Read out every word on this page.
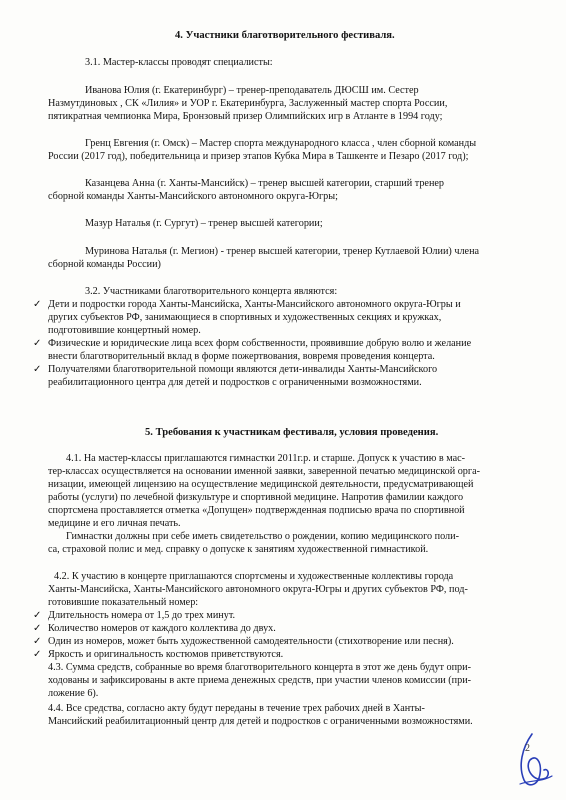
4. Участники благотворительного фестиваля.

3.1. Мастер-классы проводят специалисты:

Иванова Юлия (г. Екатеринбург) – тренер-преподаватель ДЮСШ им. Сестер

Назмутдиновых , СК «Лилия» и УОР г. Екатеринбурга, Заслуженный мастер спорта России,

пятикратная чемпионка Мира, Бронзовый призер Олимпийских игр в Атланте в 1994 году;

Гренц Евгения (г. Омск) – Мастер спорта международного класса , член сборной команды

России (2017 год), победительница и призер этапов Кубка Мира в Ташкенте и Пезаро (2017 год);

Казанцева Анна (г. Ханты-Мансийск) – тренер высшей категории, старший тренер

сборной команды Ханты-Мансийского автономного округа-Югры;

Мазур Наталья (г. Сургут) – тренер высшей категории;

Муринова Наталья (г. Мегион) - тренер высшей категории, тренер Кутлаевой Юлии) члена

сборной команды России)

3.2. Участниками благотворительного концерта являются:

✓ Дети и подростки города Ханты-Мансийска, Ханты-Мансийского автономного округа-Югры и

других субъектов РФ, занимающиеся в спортивных и художественных секциях и кружках,

подготовившие концертный номер.

✓ Физические и юридические лица всех форм собственности, проявившие добрую волю и желание

внести благотворительный вклад в форме пожертвования, вовремя проведения концерта.

✓ Получателями благотворительной помощи являются дети-инвалиды Ханты-Мансийского

реабилитационного центра для детей и подростков с ограниченными возможностями.

5. Требования к участникам фестиваля, условия проведения.

4.1. На мастер-классы приглашаются гимнастки 2011г.р. и старше. Допуск к участию в мас-

тер-классах осуществляется на основании именной заявки, заверенной печатью медицинской орга-

низации, имеющей лицензию на осуществление медицинской деятельности, предусматривающей

работы (услуги) по лечебной физкультуре и спортивной медицине. Напротив фамилии каждого

спортсмена проставляется отметка «Допущен» подтвержденная подписью врача по спортивной

медицине и его личная печать.

Гимнастки должны при себе иметь свидетельство о рождении, копию медицинского поли-

са, страховой полис и мед. справку о допуске к занятиям художественной гимнастикой.

4.2. К участию в концерте приглашаются спортсмены и художественные коллективы города

Ханты-Мансийска, Ханты-Мансийского автономного округа-Югры и других субъектов РФ, под-

готовившие показательный номер:

✓ Длительность номера от 1,5 до трех минут.

✓ Количество номеров от каждого коллектива до двух.

✓ Один из номеров, может быть художественной самодеятельности (стихотворение или песня).

✓ Яркость и оригинальность костюмов приветствуются.

4.3. Сумма средств, собранные во время благотворительного концерта в этот же день будут опри-

ходованы и зафиксированы в акте приема денежных средств, при участии членов комиссии (при-

ложение 6).

4.4. Все средства, согласно акту будут переданы в течение трех рабочих дней в Ханты-

Мансийский реабилитационный центр для детей и подростков с ограниченными возможностями.

2
